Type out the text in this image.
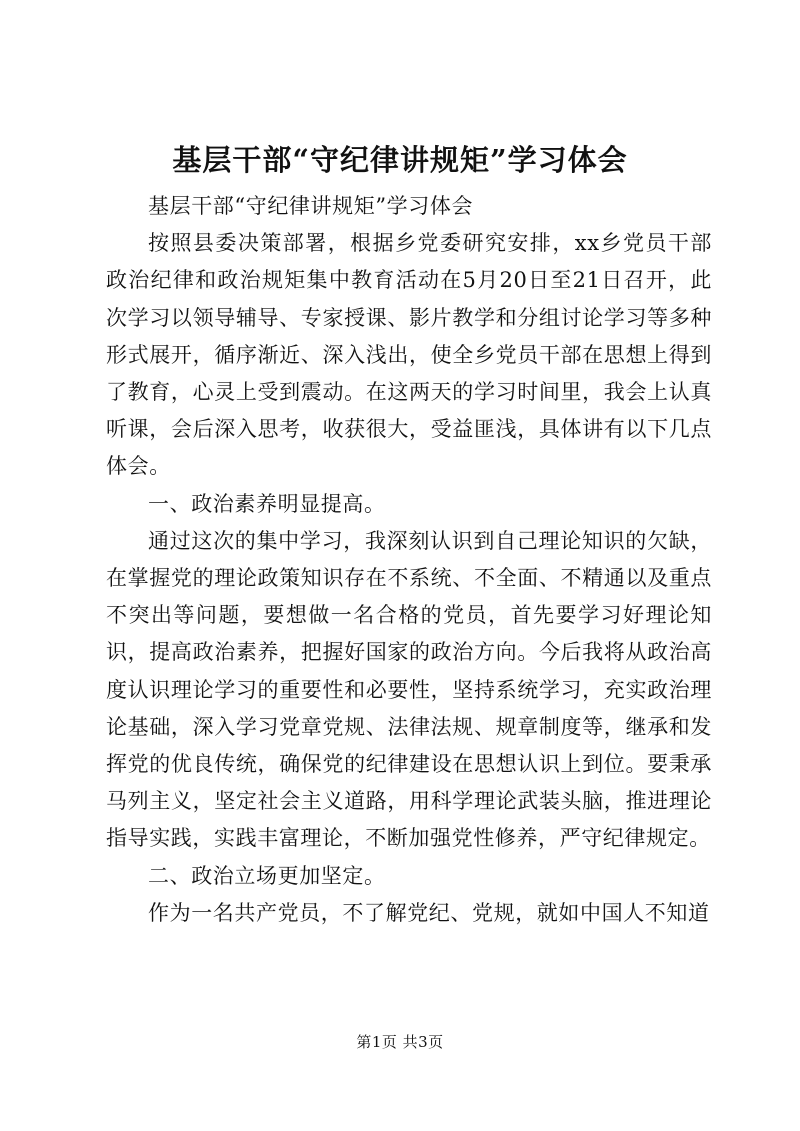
基层干部“守纪律讲规矩”学习体会

基层干部“守纪律讲规矩”学习体会

按照县委决策部署，根据乡党委研究安排，xx乡党员干部政治纪律和政治规矩集中教育活动在5月20日至21日召开，此次学习以领导辅导、专家授课、影片教学和分组讨论学习等多种形式展开，循序渐近、深入浅出，使全乡党员干部在思想上得到了教育，心灵上受到震动。在这两天的学习时间里，我会上认真听课，会后深入思考，收获很大，受益匪浅，具体讲有以下几点体会。

一、政治素养明显提高。

通过这次的集中学习，我深刻认识到自己理论知识的欠缺，在掌握党的理论政策知识存在不系统、不全面、不精通以及重点不突出等问题，要想做一名合格的党员，首先要学习好理论知识，提高政治素养，把握好国家的政治方向。今后我将从政治高度认识理论学习的重要性和必要性，坚持系统学习，充实政治理论基础，深入学习党章党规、法律法规、规章制度等，继承和发挥党的优良传统，确保党的纪律建设在思想认识上到位。要秉承马列主义，坚定社会主义道路，用科学理论武装头脑，推进理论指导实践，实践丰富理论，不断加强党性修养，严守纪律规定。

二、政治立场更加坚定。

作为一名共产党员，不了解党纪、党规，就如中国人不知道

第1页 共3页
